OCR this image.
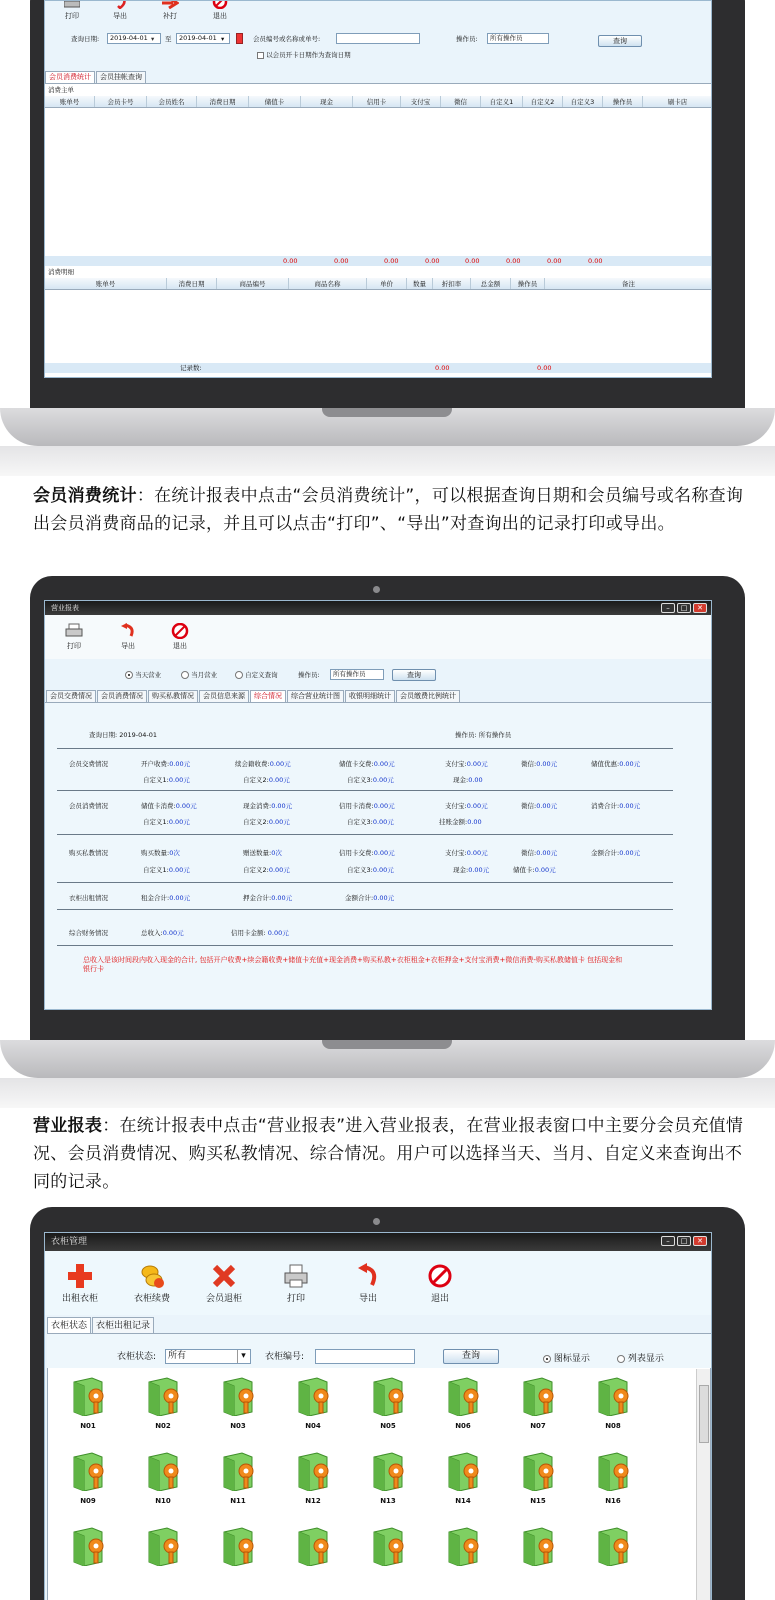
打印	导出	补打	退出
查询日期:	2019-04-01 ▾ 至	2019-04-01 ▾	会员编号或名称或单号:	操作员:	所有操作员	查询
以会员开卡日期作为查询日期
会员消费统计	会员挂帐查询
消费主单
账单号	会员卡号	会员姓名	消费日期	储值卡	现金	信用卡	支付宝	微信	自定义1	自定义2	自定义3	操作员	刷卡店
0.00	0.00	0.00	0.00	0.00	0.00	0.00	0.00
消费明细
账单号	消费日期	商品编号	商品名称	单价	数量	折扣率	总金额	操作员	备注
记录数:	0.00	0.00
会员消费统计：在统计报表中点击“会员消费统计”，可以根据查询日期和会员编号或名称查询出会员消费商品的记录，并且可以点击“打印”、“导出”对查询出的记录打印或导出。
营业报表	–	□	✕
打印	导出	退出
当天营业	当月营业	自定义查询	操作员:	所有操作员	查询
会员交费情况	会员消费情况	购买私教情况	会员信息来源	综合情况	综合营业统计图	收银明细统计	会员缴费比例统计
查询日期: 2019-04-01	操作员: 所有操作员
会员交费情况	开户收费:0.00元	续会籍收费:0.00元	储值卡交费:0.00元	支付宝:0.00元	微信:0.00元	储值优惠:0.00元
自定义1:0.00元	自定义2:0.00元	自定义3:0.00元	现金:0.00
会员消费情况	储值卡消费:0.00元	现金消费:0.00元	信用卡消费:0.00元	支付宝:0.00元	微信:0.00元	消费合计:0.00元
自定义1:0.00元	自定义2:0.00元	自定义3:0.00元	挂账金额:0.00
购买私教情况	购买数量:0次	赠送数量:0次	信用卡交费:0.00元	支付宝:0.00元	微信:0.00元	金额合计:0.00元
自定义1:0.00元	自定义2:0.00元	自定义3:0.00元	现金:0.00元	储值卡:0.00元
衣柜出租情况	租金合计:0.00元	押金合计:0.00元	金额合计:0.00元
综合财务情况	总收入:0.00元	信用卡金额: 0.00元
总收入是该时间段内收入现金的合计, 包括开户收费+续会籍收费+储值卡充值+现金消费+购买私教+衣柜租金+衣柜押金+支付宝消费+微信消费-购买私教储值卡 包括现金和银行卡
营业报表：在统计报表中点击“营业报表”进入营业报表，在营业报表窗口中主要分会员充值情况、会员消费情况、购买私教情况、综合情况。用户可以选择当天、当月、自定义来查询出不同的记录。
衣柜管理	–	□	✕
出租衣柜	衣柜续费	会员退柜	打印	导出	退出
衣柜状态	衣柜出租记录
衣柜状态:	所有	▾	衣柜编号:	查询	图标显示	列表显示
N01	N02	N03	N04	N05	N06	N07	N08
N09	N10	N11	N12	N13	N14	N15	N16
